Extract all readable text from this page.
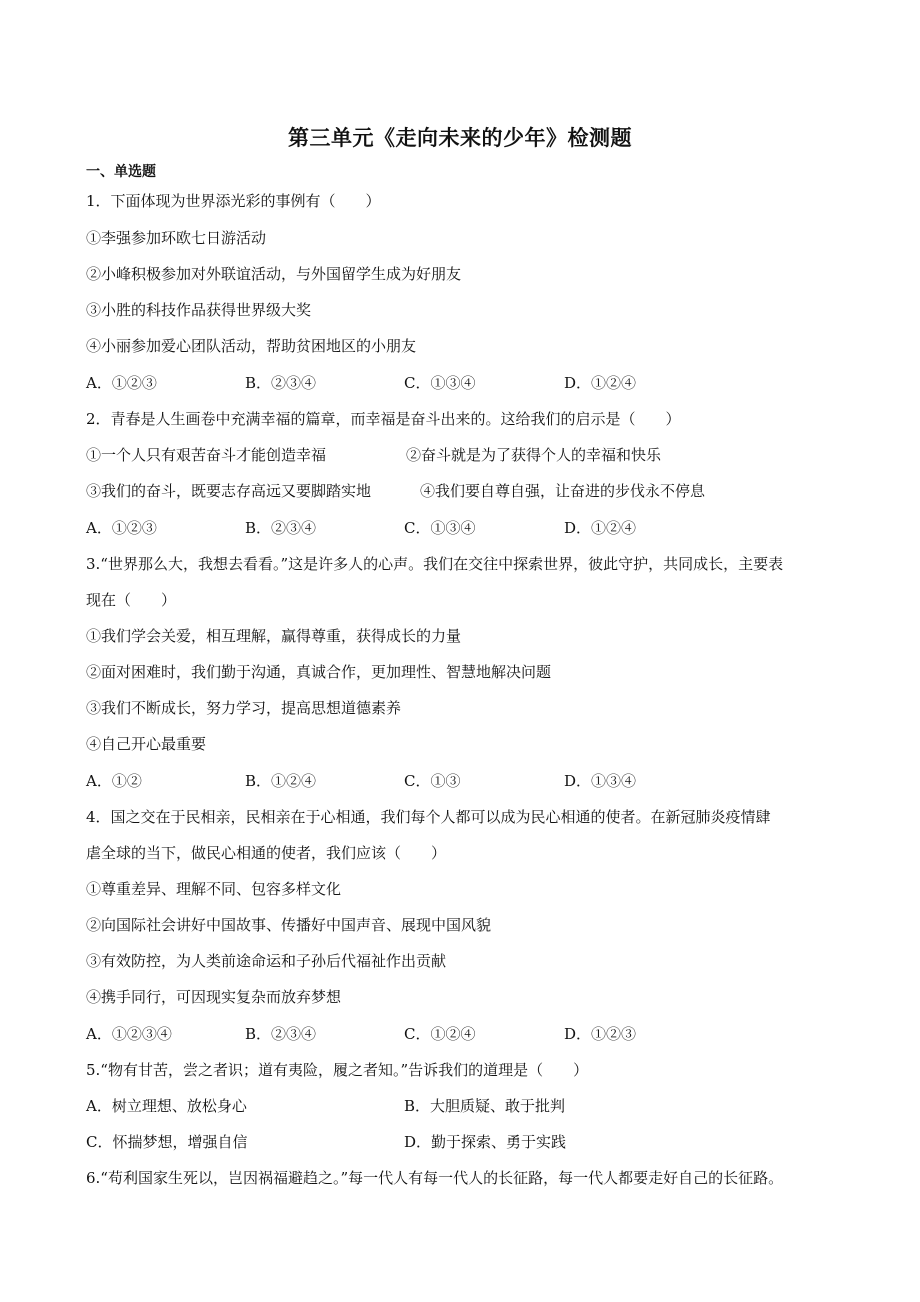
第三单元《走向未来的少年》检测题
一、单选题
1．下面体现为世界添光彩的事例有（　　）
①李强参加环欧七日游活动
②小峰积极参加对外联谊活动，与外国留学生成为好朋友
③小胜的科技作品获得世界级大奖
④小丽参加爱心团队活动，帮助贫困地区的小朋友
A．①②③	B．②③④	C．①③④	D．①②④
2．青春是人生画卷中充满幸福的篇章，而幸福是奋斗出来的。这给我们的启示是（　　）
①一个人只有艰苦奋斗才能创造幸福	②奋斗就是为了获得个人的幸福和快乐
③我们的奋斗，既要志存高远又要脚踏实地	④我们要自尊自强，让奋进的步伐永不停息
A．①②③	B．②③④	C．①③④	D．①②④
3.“世界那么大，我想去看看。”这是许多人的心声。我们在交往中探索世界，彼此守护，共同成长，主要表
现在（　　）
①我们学会关爱，相互理解，赢得尊重，获得成长的力量
②面对困难时，我们勤于沟通，真诚合作，更加理性、智慧地解决问题
③我们不断成长，努力学习，提高思想道德素养
④自己开心最重要
A．①②	B．①②④	C．①③	D．①③④
4．国之交在于民相亲，民相亲在于心相通，我们每个人都可以成为民心相通的使者。在新冠肺炎疫情肆
虐全球的当下，做民心相通的使者，我们应该（　　）
①尊重差异、理解不同、包容多样文化
②向国际社会讲好中国故事、传播好中国声音、展现中国风貌
③有效防控，为人类前途命运和子孙后代福祉作出贡献
④携手同行，可因现实复杂而放弃梦想
A．①②③④	B．②③④	C．①②④	D．①②③
5.“物有甘苦，尝之者识；道有夷险，履之者知。”告诉我们的道理是（　　）
A．树立理想、放松身心	B．大胆质疑、敢于批判
C．怀揣梦想，增强自信	D．勤于探索、勇于实践
6.“苟利国家生死以，岂因祸福避趋之。”每一代人有每一代人的长征路，每一代人都要走好自己的长征路。
